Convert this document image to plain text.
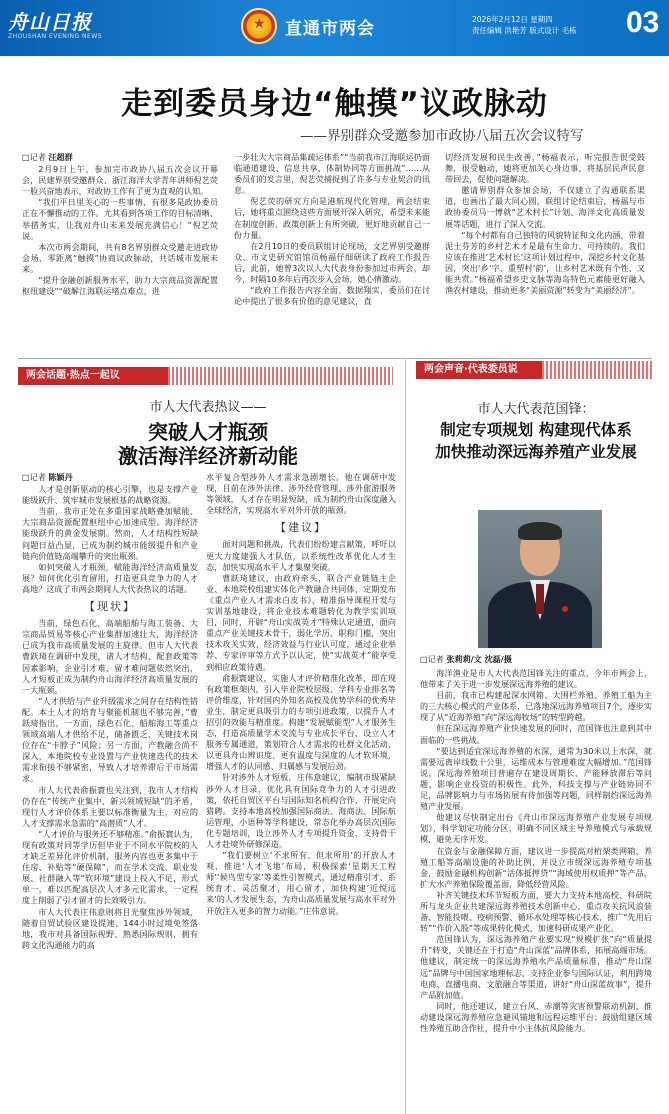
舟山日报
ZHOUSHAN EVENING NEWS
★ 直通市两会	2026年2月12日 星期四
责任编辑 洪艳芳 版式设计 毛栋 03
走到委员身边“触摸”议政脉动
——界别群众受邀参加市政协八届五次会议特写
□记者 汪超群

2月9日上午，参加完市政协八届五次会议开幕会，民建界别受邀群众、浙江海洋大学青年讲师倪艺荧一脸兴奋地表示，对政协工作有了更为直观的认知。

“我们平日里关心的一些事情，有很多是政协委员正在不懈推动的工作。尤其看到各项工作的目标清晰、举措务实，让我对舟山未来发展充满信心！”倪艺荧说。

本次市两会期间，共有8名界别群众受邀走进政协会场，零距离“触摸”协商议政脉动，共话城市发展未来。

“提升金融创新服务水平，助力大宗商品资源配置枢纽建设”“破解江海联运堵点难点，进

一步壮大大宗商品集疏运体系”“当前我市江海联运仍面临通道建设、信息共享、体制协同等方面挑战”……从委员们的发言里，倪艺荧捕捉到了许多与专业契合的讯息。

倪艺荧的研究方向是港航现代化管理，两会结束后，她将重点围绕这些方面展开深入研究，希望未来能在制度创新、政策创新上有所突破，更好地贡献自己一份力量。

在2月10日的委员联组讨论现场，文艺界别受邀群众、市文史研究馆馆员杨福仔细研读了政府工作报告后，此前，她曾3次以人大代表身份参加过市两会，却今，时隔10多年后再次步入会场，她心情激动。

“政府工作报告内容全面、数据翔实，委员们在讨论中提出了很多有价值的意见建议，直

切经济发展和民生改善，”杨福表示，听完报告很受鼓舞，很受触动，她将更加关心身边事，将基层民声民意带回去，促使问题解决。

邀请界别群众参加会场，不仅建立了沟通联系渠道，也画出了最大同心圆，联组讨论结束后，杨福与市政协委员马一博就“艺术村长”计划、海洋文化高质量发展等话题，进行了深入交流。

“每个村都有自己独特的风貌特征和文化内涵，带着泥土芬芳的乡村艺术才是最有生命力、可持续的。我们应该在推进‘艺术村长’这项计划过程中，深挖乡村文化基因，突出‘乡’字、重塑村‘韵’，让乡村艺术既有个性、又能共赏。”杨福希望乡史文脉等海岛特色元素能更好融入渔农村建设，推动更多“美丽资源”转变为“美丽经济”。

两会话题·热点一起议
市人大代表热议——
突破人才瓶颈
激活海洋经济新动能
□记者 陈颖丹

人才是创新驱动的核心引擎，也是支撑产业能级跃升、筑牢城市发展根基的战略资源。

当前，我市正处在多重国家战略叠加赋能、大宗商品资源配置枢纽中心加速成型、海洋经济能级跃升的黄金发展期。然而，人才结构性短缺问题日益凸显，已成为制约城市能级提升和产业链向价值链高端攀升的突出瓶颈。

如何突破人才瓶颈，赋能海洋经济高质量发展？如何优化引育留用，打造更具竞争力的人才高地？这成了市两会期间人大代表热议的话题。

【现状】

当前，绿色石化、高端船舶与海工装备、大宗商品贸易等核心产业集群加速壮大，海洋经济已成为我市高质量发展的主旋律。但市人大代表曹跃琦在调研中发现，诸人才结构、配套政策等因素影响，企业引才难、留才难问题依然突出，人才短板正成为制约舟山海洋经济高质量发展的一大瓶颈。

“人才供给与产业升级需求之间存在结构性错配。本土人才的培育与聚能机制也不够完善，”曹跃琦指出，一方面，绿色石化、船舶海工等重点领域高端人才供给不足，储备匮乏，关键技术岗位存在“卡脖子”风险；另一方面，产教融合尚不深入，本地院校专业设置与产业快速迭代的技术需求衔接不够紧密，导致人才培养滞后于市场需求。

市人大代表俞振寰也关注到，我市人才结构仍存在“传统产业集中、新兴领域短缺”的矛盾，现行人才评价体系主要以标准衡量为主，对应的人才支撑需求急需的“高潜质”人才。

“人才评价与服务还不够精准。”俞振寰认为，现有政策对同等学历但毕业于不同水平院校的人才缺乏差异化评价机制，服务内容也更多集中于住房、补贴等“硬保障”，而在学术交流、职业发展、社群融入等“软环境”建设上投入不足，形式单一，难以匹配高层次人才多元化需求，一定程度上削弱了引才留才的长效吸引力。

市人大代表庄伟意则将目光聚焦涉外领域，随着自贸试验区建设提速、144小时过境免签落地，我市对具备国际视野、熟悉国际规则，拥有跨文化沟通能力的高

水平复合型涉外人才需求急剧增长。他在调研中发现，目前在涉外法律、涉外经营管理、涉外旅游服务等领域，人才存在明显短缺，成为制约舟山深度融入全球经济，实现高水平对外开放的瓶颈。

【建议】

面对问题和挑战，代表们纷纷建言献策，呼吁以更大力度建强人才队伍，以系统性改革优化人才生态，加快实现高水平人才集聚突破。

曹跃琦建议，由政府牵头，联合产业链链主企业、本地院校组建实体化产教融合共同体，定期发布《重点产业人才需求白皮书》，精准指导课程开发与实训基地建设，将企业技术难题转化为教学实训项目，同时，开辟“舟山实战英才”特殊认定通道，面向重点产业关键技术骨干，弱化学历、职称门槛，突出技术攻关实效、经济效益与行业认可度，通过企业举荐、专家评审等方式予以认定，使“实战英才”能享受到相应政策待遇。

俞振寰建议，实施人才评价精准化改革，即在现有政策框架内，引入毕业院校层级、学科专业排名等评价维度，针对国内外知名高校及优势学科的优秀毕业生，制定更具吸引力的专项引进政策，以提升人才招引的效能与精准度。构建“发展赋能型”人才服务生态，打造高质量学术交流与专业成长平台，设立人才服务专属通道，策划符合人才需求的社群文化活动，以更具舟山辨识度、更有温度与深度的人才软环境，增强人才的认同感、归属感与发展后劲。

针对涉外人才短板，庄伟意建议，编制市级紧缺涉外人才目录，优化具有国际竞争力的人才引进政策，依托自贸区平台与国际知名机构合作，开展定向猎聘。支持本地高校加强国际商法、海商法、国际航运管理、小语种等学科建设，常态化举办高层次国际化专题培训，设立涉外人才专项提升资金，支持骨干人才赴境外研修深造。

“我们要树立‘不求所有、但求所用’的开放人才观，推进‘人才飞地’布局，积极探索‘星期天工程师’‘候鸟型专家’等柔性引智模式，通过精准引才、系统育才、灵活聚才，用心留才，加快构建‘近悦远来’的人才发展生态，为舟山高质量发展与高水平对外开放注入更多的智力动能。”庄伟意说。

两会声音·代表委员说
市人大代表范国锋：
制定专项规划 构建现代体系
加快推动深远海养殖产业发展
□记者 张莉莉/文 沈磊/摄

海洋渔业是市人大代表范国锋关注的重点，今年市两会上，他带来了关于进一步发展深远海养殖的建议。

目前，我市已构建起深水网箱、大围栏养殖、养殖工船为主的三大核心模式的产业体系，已落地深远海养殖项目7个，逐步实现了从“近海养殖”向“深远海牧场”的转型跨越。

但在深远海养殖产业快速发展的同时，范国锋也注意到其中面临的一些挑战。

“要达到适宜深远海养殖的水深，通常为30米以上水深，就需要远离岸线数十公里，运维成本与管理难度大幅增加。”范国锋说，深远海养殖项目普遍存在建设周期长、产能释放滞后等问题，影响企业投资的积极性。此外，科技支撑与产业链协同不足，品牌影响力与市场拓展有待加强等问题，同样制约深远海养殖产业发展。

他建议尽快制定出台《舟山市深远海养殖产业发展专项规划》，科学划定功能分区，明确不同区域主导养殖模式与承载规模，避免无序开发。

在资金与金融保障方面，建议进一步提高对桁架类网箱、养殖工船等高端设施的补助比例，并设立市级深远海养殖专项基金，鼓励金融机构创新“活体抵押贷”“海域使用权质押”等产品，扩大水产养殖保险覆盖面，降低经营风险。

补齐关键技术环节短板方面，要大力支持本地高校、科研院所与龙头企业共建深远海养殖技术创新中心，重点攻关抗风浪装备、智能投喂、疫病预警、循环水处理等核心技术，推广“先用后转”“作价入股”等成果转化模式，加速科研成果产业化。

范国锋认为，深远海养殖产业要实现“规模扩张”向“质量提升”转变，关键还在于打造“舟山深蓝”品牌体系，拓展高端市场。他建议，制定统一的深远海养殖水产品质量标准，推动“舟山深远”品牌与中国国家地理标志，支持企业参与国际认证，利用跨境电商、直播电商、文旅融合等渠道，讲好“舟山深蓝故事”，提升产品附加值。

同时，他还建议，建立台风、赤潮等灾害预警联动机制，推动建设深远海养殖应急避风锚地和远程运维平台；鼓励组建区域性养殖互助合作社，提升中小主体抗风险能力。
